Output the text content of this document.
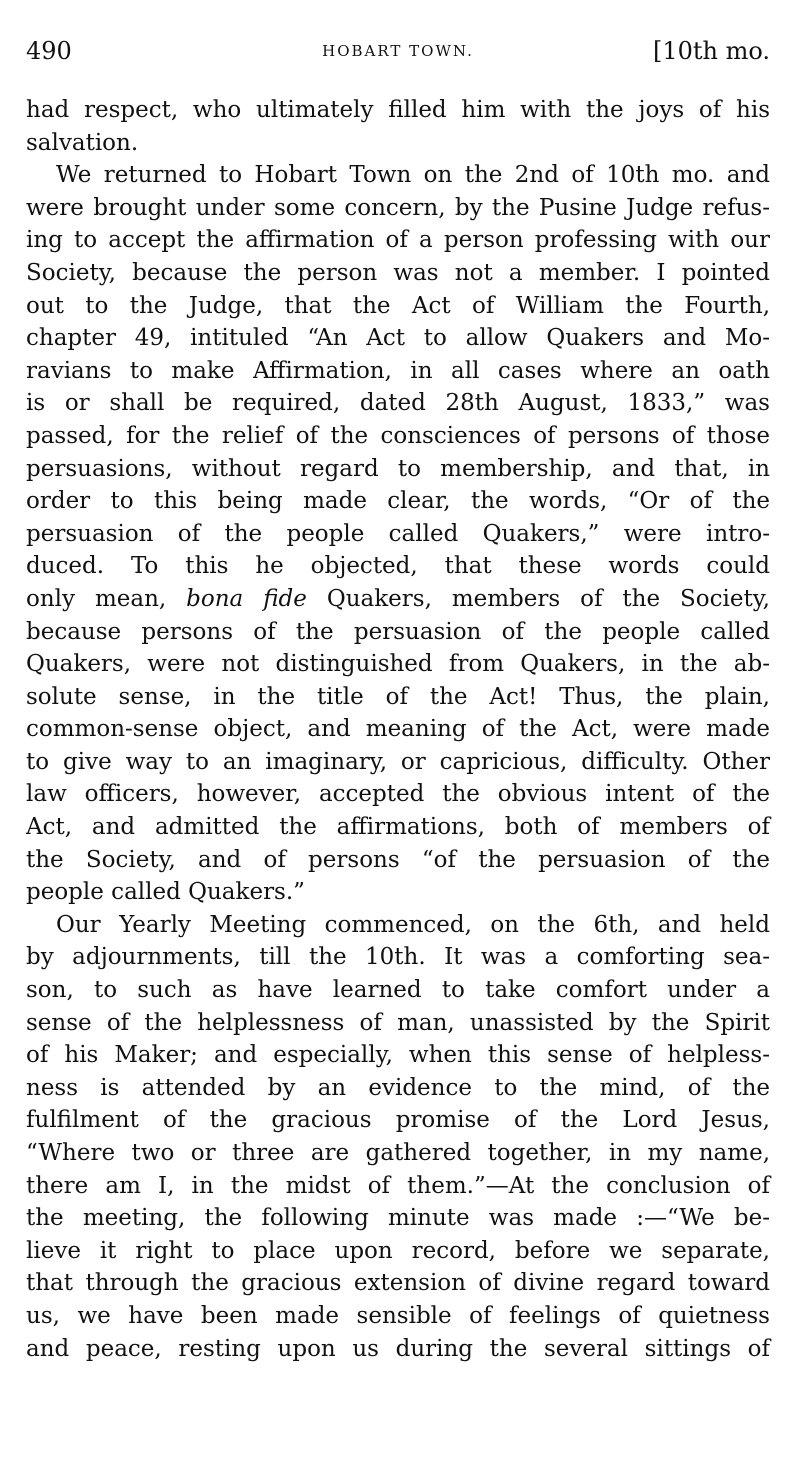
490	HOBART TOWN.	[10th mo.

had respect, who ultimately filled him with the joys of his
salvation.

We returned to Hobart Town on the 2nd of 10th mo. and
were brought under some concern, by the Pusine Judge refus-
ing to accept the affirmation of a person professing with our
Society, because the person was not a member. I pointed
out to the Judge, that the Act of William the Fourth,
chapter 49, intituled “An Act to allow Quakers and Mo-
ravians to make Affirmation, in all cases where an oath
is or shall be required, dated 28th August, 1833,” was
passed, for the relief of the consciences of persons of those
persuasions, without regard to membership, and that, in
order to this being made clear, the words, “Or of the
persuasion of the people called Quakers,” were intro-
duced. To this he objected, that these words could
only mean, bona fide Quakers, members of the Society,
because persons of the persuasion of the people called
Quakers, were not distinguished from Quakers, in the ab-
solute sense, in the title of the Act! Thus, the plain,
common-sense object, and meaning of the Act, were made
to give way to an imaginary, or capricious, difficulty. Other
law officers, however, accepted the obvious intent of the
Act, and admitted the affirmations, both of members of
the Society, and of persons “of the persuasion of the
people called Quakers.”

Our Yearly Meeting commenced, on the 6th, and held
by adjournments, till the 10th. It was a comforting sea-
son, to such as have learned to take comfort under a
sense of the helplessness of man, unassisted by the Spirit
of his Maker; and especially, when this sense of helpless-
ness is attended by an evidence to the mind, of the
fulfilment of the gracious promise of the Lord Jesus,
“Where two or three are gathered together, in my name,
there am I, in the midst of them.”—At the conclusion of
the meeting, the following minute was made :—“We be-
lieve it right to place upon record, before we separate,
that through the gracious extension of divine regard toward
us, we have been made sensible of feelings of quietness
and peace, resting upon us during the several sittings of
